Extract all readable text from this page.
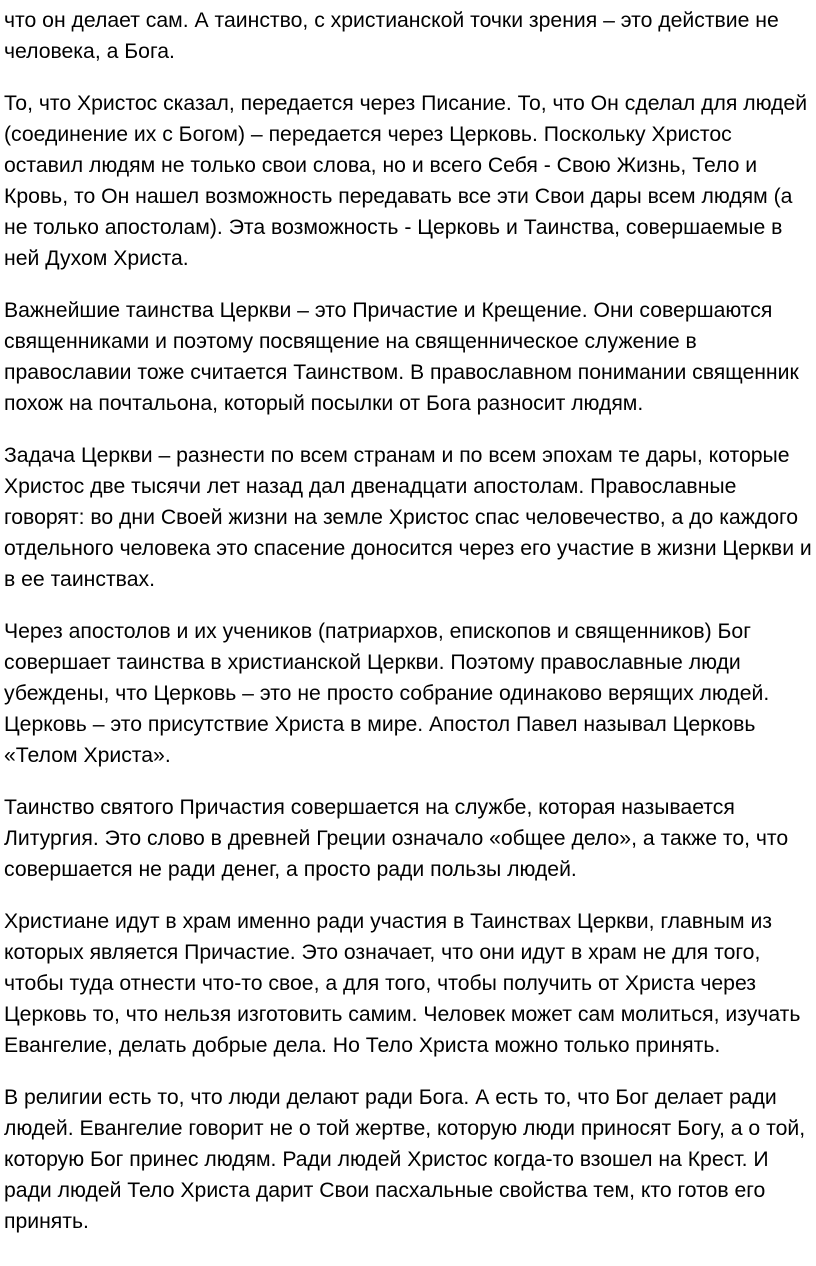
что он делает сам. А таинство, с христианской точки зрения – это действие не человека, а Бога.

То, что Христос сказал, передается через Писание. То, что Он сделал для людей (соединение их с Богом) – передается через Церковь. Поскольку Христос оставил людям не только свои слова, но и всего Себя - Свою Жизнь, Тело и Кровь, то Он нашел возможность передавать все эти Свои дары всем людям (а не только апостолам). Эта возможность - Церковь и Таинства, совершаемые в ней Духом Христа.

Важнейшие таинства Церкви – это Причастие и Крещение. Они совершаются священниками и поэтому посвящение на священническое служение в православии тоже считается Таинством. В православном понимании священник похож на почтальона, который посылки от Бога разносит людям.

Задача Церкви – разнести по всем странам и по всем эпохам те дары, которые Христос две тысячи лет назад дал двенадцати апостолам. Православные говорят: во дни Своей жизни на земле Христос спас человечество, а до каждого отдельного человека это спасение доносится через его участие в жизни Церкви и в ее таинствах.

Через апостолов и их учеников (патриархов, епископов и священников) Бог совершает таинства в христианской Церкви. Поэтому православные люди убеждены, что Церковь – это не просто собрание одинаково верящих людей. Церковь – это присутствие Христа в мире. Апостол Павел называл Церковь «Телом Христа».

Таинство святого Причастия совершается на службе, которая называется Литургия. Это слово в древней Греции означало «общее дело», а также то, что совершается не ради денег, а просто ради пользы людей.

Христиане идут в храм именно ради участия в Таинствах Церкви, главным из которых является Причастие. Это означает, что они идут в храм не для того, чтобы туда отнести что-то свое, а для того, чтобы получить от Христа через Церковь то, что нельзя изготовить самим. Человек может сам молиться, изучать Евангелие, делать добрые дела. Но Тело Христа можно только принять.

В религии есть то, что люди делают ради Бога. А есть то, что Бог делает ради людей. Евангелие говорит не о той жертве, которую люди приносят Богу, а о той, которую Бог принес людям. Ради людей Христос когда-то взошел на Крест. И ради людей Тело Христа дарит Свои пасхальные свойства тем, кто готов его принять.
